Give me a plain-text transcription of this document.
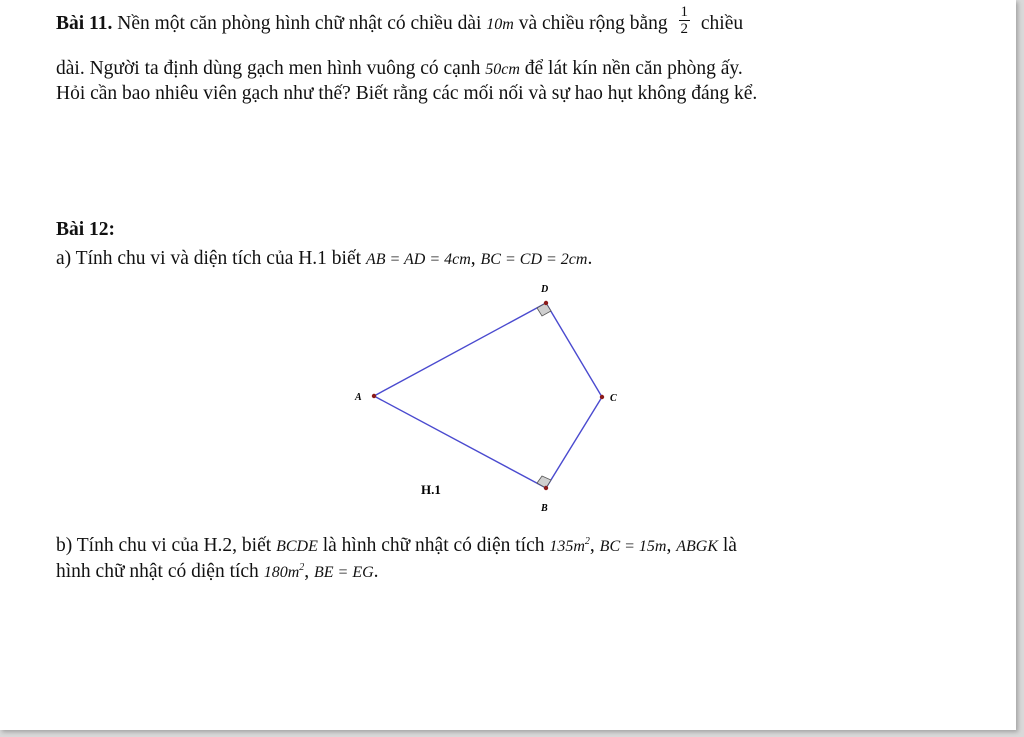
Bài 11. Nền một căn phòng hình chữ nhật có chiều dài 10m và chiều rộng bằng $\frac{1}{2}$ chiều
dài. Người ta định dùng gạch men hình vuông có cạnh 50cm để lát kín nền căn phòng ấy.
Hỏi cần bao nhiêu viên gạch như thế? Biết rằng các mối nối và sự hao hụt không đáng kể.
Bài 12:
a) Tính chu vi và diện tích của H.1 biết AB = AD = 4cm, BC = CD = 2cm.
A
D
C
B
H.1
b) Tính chu vi của H.2, biết BCDE là hình chữ nhật có diện tích $135m^2$, BC = 15m, ABGK là
hình chữ nhật có diện tích $180m^2$, BE = EG.
